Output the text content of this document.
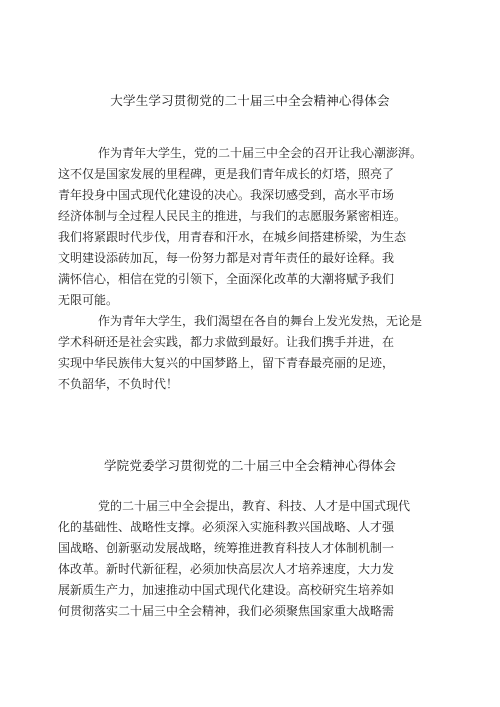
大学生学习贯彻党的二十届三中全会精神心得体会
作为青年大学生，党的二十届三中全会的召开让我心潮澎湃。
这不仅是国家发展的里程碑，更是我们青年成长的灯塔，照亮了
青年投身中国式现代化建设的决心。我深切感受到，高水平市场
经济体制与全过程人民民主的推进，与我们的志愿服务紧密相连。
我们将紧跟时代步伐，用青春和汗水，在城乡间搭建桥梁，为生态
文明建设添砖加瓦，每一份努力都是对青年责任的最好诠释。我
满怀信心，相信在党的引领下，全面深化改革的大潮将赋予我们
无限可能。
作为青年大学生，我们渴望在各自的舞台上发光发热，无论是
学术科研还是社会实践，都力求做到最好。让我们携手并进，在
实现中华民族伟大复兴的中国梦路上，留下青春最亮丽的足迹，
不负韶华，不负时代！
学院党委学习贯彻党的二十届三中全会精神心得体会
党的二十届三中全会提出，教育、科技、人才是中国式现代
化的基础性、战略性支撑。必须深入实施科教兴国战略、人才强
国战略、创新驱动发展战略，统筹推进教育科技人才体制机制一
体改革。新时代新征程，必须加快高层次人才培养速度，大力发
展新质生产力，加速推动中国式现代化建设。高校研究生培养如
何贯彻落实二十届三中全会精神，我们必须聚焦国家重大战略需
